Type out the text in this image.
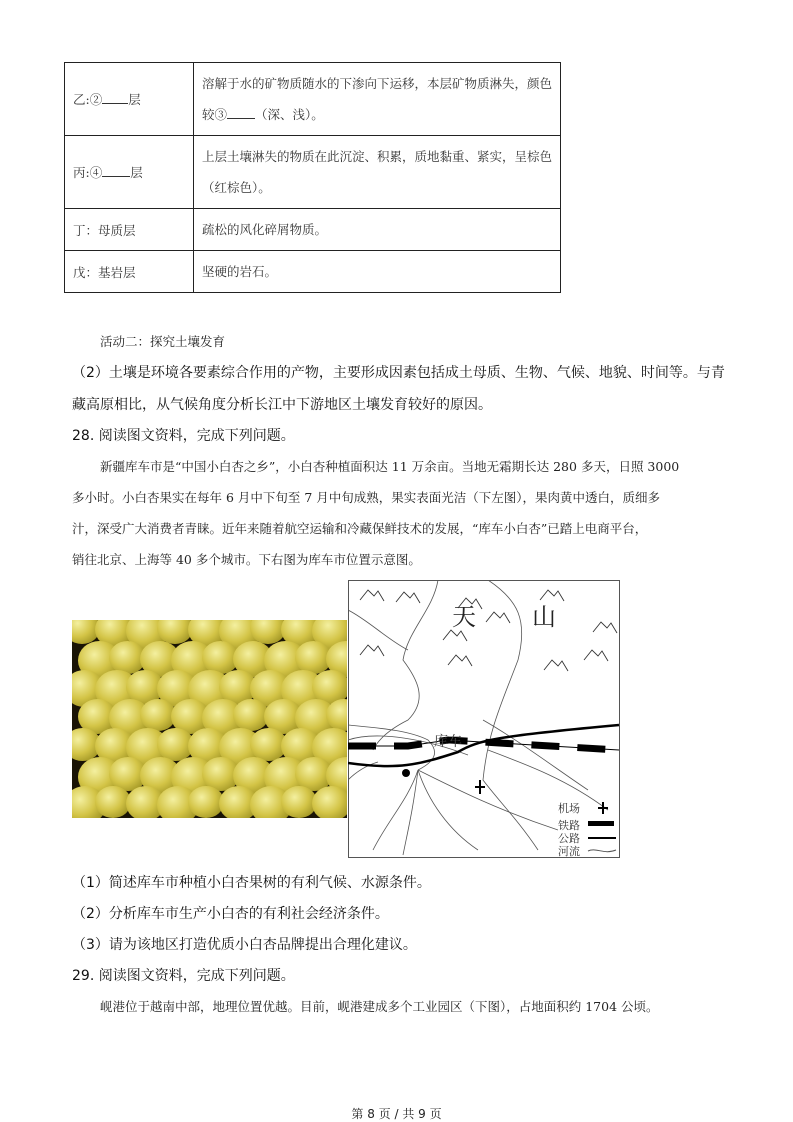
乙:② 层	溶解于水的矿物质随水的下渗向下运移，本层矿物质淋失，颜色较③ （深、浅）。
丙:④ 层	上层土壤淋失的物质在此沉淀、积累，质地黏重、紧实，呈棕色（红棕色）。
丁：母质层	疏松的风化碎屑物质。
戊：基岩层	坚硬的岩石。
活动二：探究土壤发育
（2）土壤是环境各要素综合作用的产物，主要形成因素包括成土母质、生物、气候、地貌、时间等。与青
藏高原相比，从气候角度分析长江中下游地区土壤发育较好的原因。
28. 阅读图文资料，完成下列问题。
新疆库车市是“中国小白杏之乡”，小白杏种植面积达 11 万余亩。当地无霜期长达 280 多天，日照 3000
多小时。小白杏果实在每年 6 月中下旬至 7 月中旬成熟，果实表面光洁（下左图），果肉黄中透白，质细多
汁，深受广大消费者青睐。近年来随着航空运输和冷藏保鲜技术的发展，“库车小白杏”已踏上电商平台，
销往北京、上海等 40 多个城市。下右图为库车市位置示意图。
天 山
库车
机场
铁路
公路
河流
（1）简述库车市种植小白杏果树的有利气候、水源条件。
（2）分析库车市生产小白杏的有利社会经济条件。
（3）请为该地区打造优质小白杏品牌提出合理化建议。
29. 阅读图文资料，完成下列问题。
岘港位于越南中部，地理位置优越。目前，岘港建成多个工业园区（下图），占地面积约 1704 公顷。
第 8 页 / 共 9 页
